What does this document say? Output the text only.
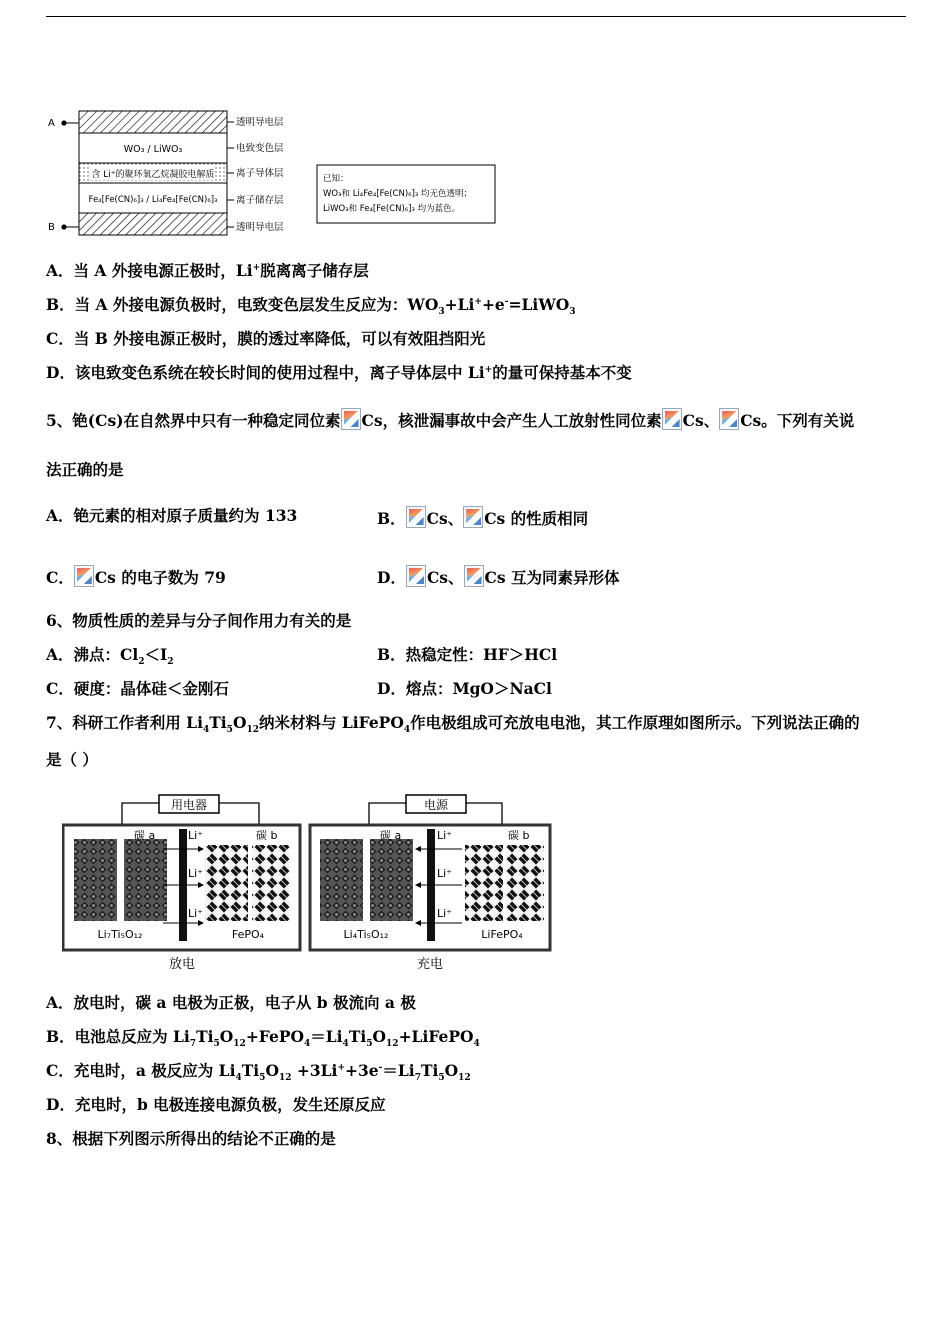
A
B
WO₃ / LiWO₃
含 Li⁺的聚环氧乙烷凝胶电解质
Fe₄[Fe(CN)₆]₃ / Li₄Fe₄[Fe(CN)₆]₃
透明导电层
电致变色层
离子导体层
离子储存层
透明导电层
已知：
WO₃和 Li₄Fe₄[Fe(CN)₆]₃ 均无色透明；
LiWO₃和 Fe₄[Fe(CN)₆]₃ 均为蓝色。
A．当 A 外接电源正极时，Li+脱离离子储存层
B．当 A 外接电源负极时，电致变色层发生反应为：$WO_3+Li^++e^-=LiWO_3$
C．当 B 外接电源正极时，膜的透过率降低，可以有效阻挡阳光
D．该电致变色系统在较长时间的使用过程中，离子导体层中 Li+的量可保持基本不变
5、铯(Cs)在自然界中只有一种稳定同位素 Cs，核泄漏事故中会产生人工放射性同位素 Cs、 Cs。下列有关说
法正确的是
A．铯元素的相对原子质量约为 133	B． Cs、 Cs 的性质相同
C． Cs 的电子数为 79	D． Cs、 Cs 互为同素异形体
6、物质性质的差异与分子间作用力有关的是
A．沸点：$Cl_2<I_2$	B．热稳定性：HF＞HCl
C．硬度：晶体硅＜金刚石	D．熔点：MgO＞NaCl
7、科研工作者利用 $Li_4Ti_5O_{12}$纳米材料与 LiFePO$_4$作电极组成可充放电电池，其工作原理如图所示。下列说法正确的
是（ ）
用电器
碳 a	碳 b
Li⁺
Li⁺
Li⁺
Li₇Ti₅O₁₂	FePO₄
放电
电源
碳 a	碳 b
Li⁺
Li⁺
Li⁺
Li₄Ti₅O₁₂	LiFePO₄
充电
A．放电时，碳 a 电极为正极，电子从 b 极流向 a 极
B．电池总反应为 $Li_7Ti_5O_{12}+FePO_4=Li_4Ti_5O_{12}+LiFePO_4$
C．充电时，a 极反应为 $Li_4Ti_5O_{12} +3Li^++3e^-=Li_7Ti_5O_{12}$
D．充电时，b 电极连接电源负极，发生还原反应
8、根据下列图示所得出的结论不正确的是
